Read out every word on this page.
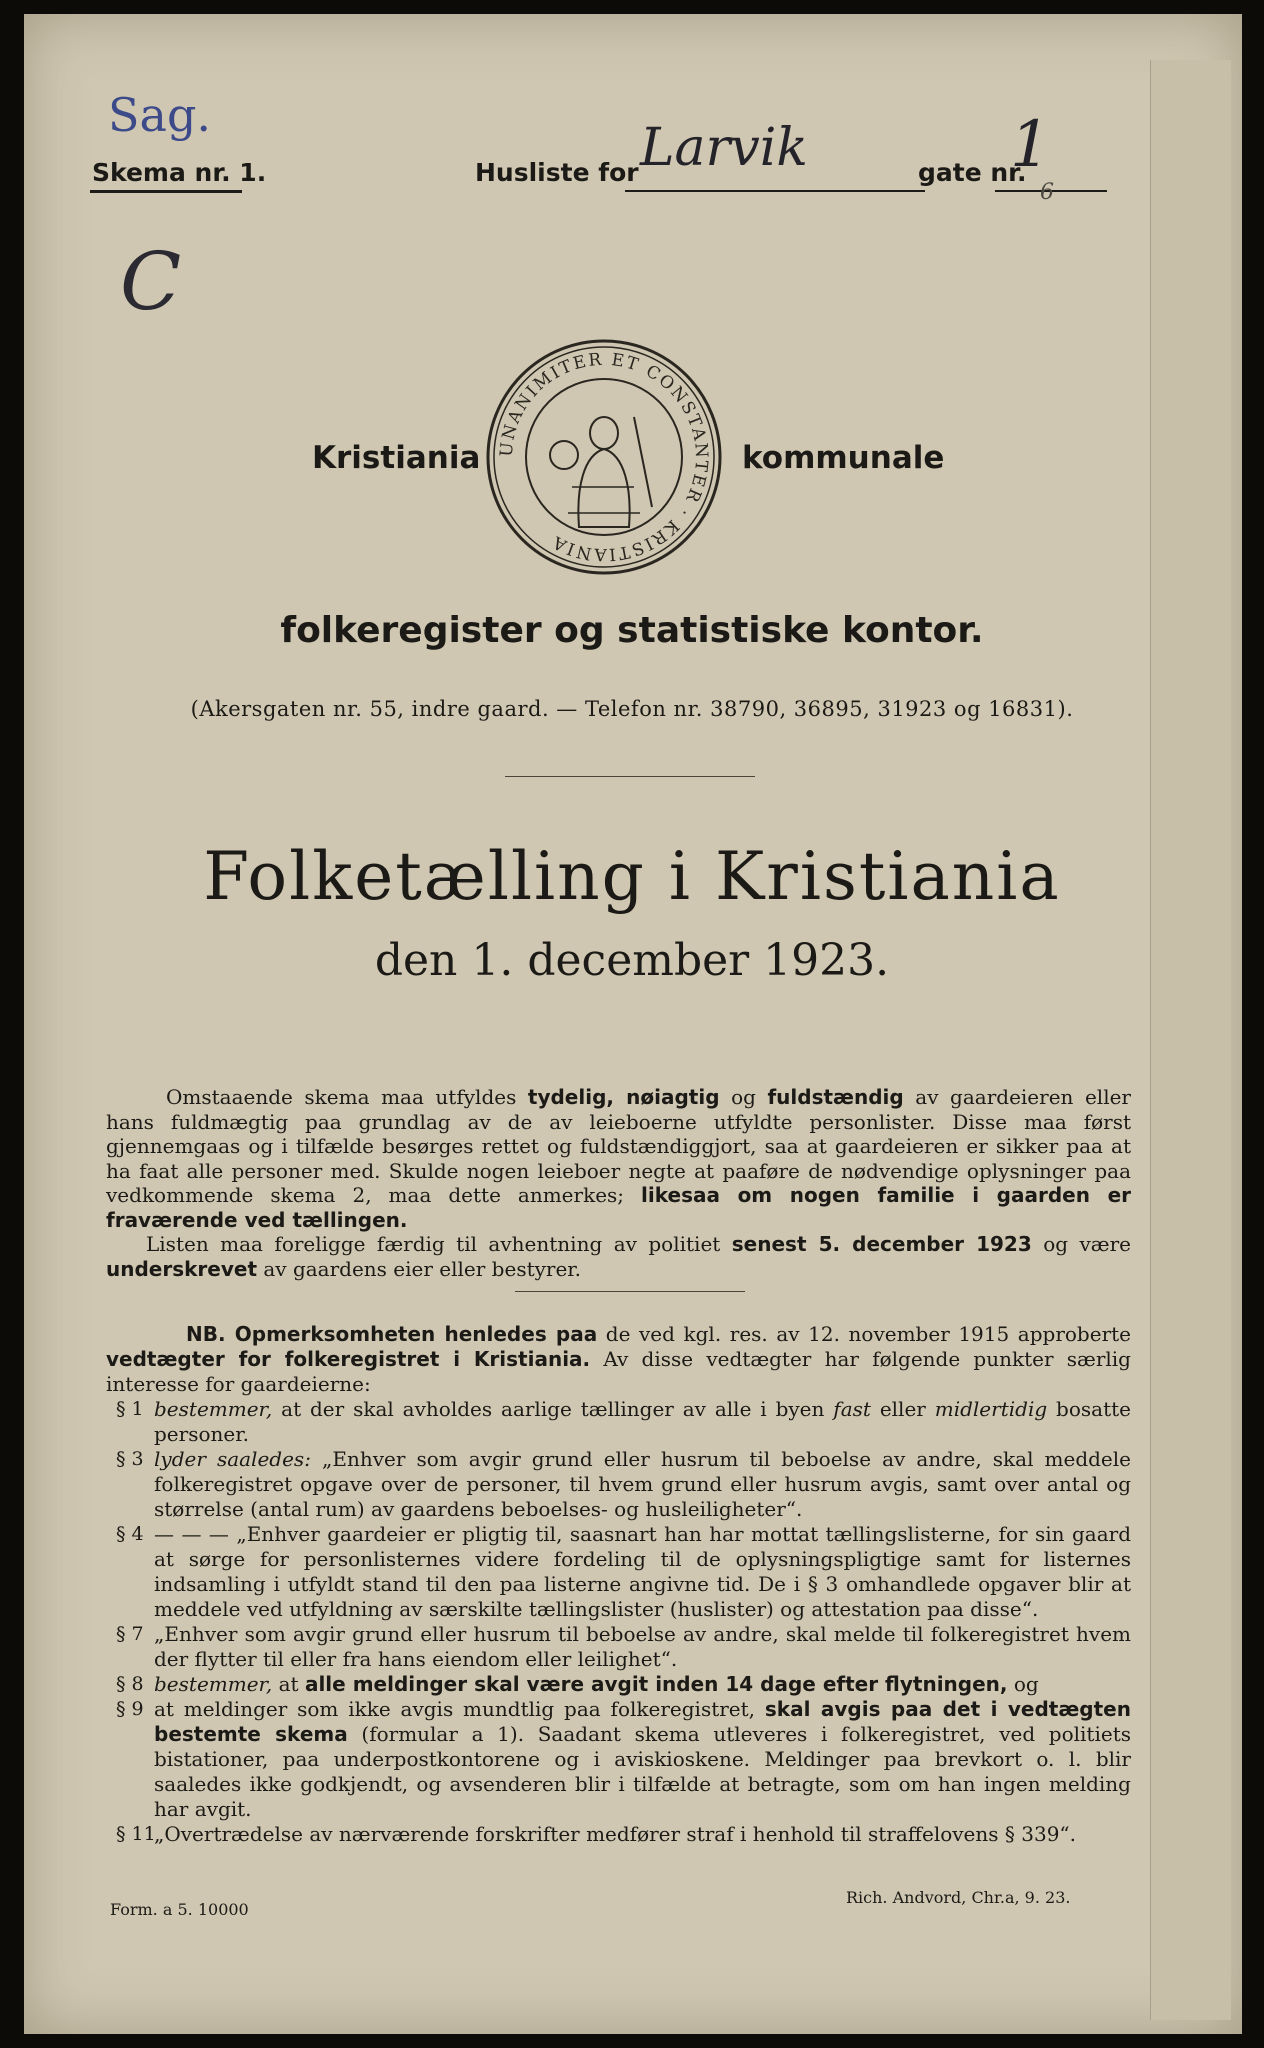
Sag.
Skema nr. 1.	Husliste for Larvik	gate nr.
1
6
C
Kristiania UNANIMITER ET CONSTANTER · KRISTIANIA
kommunale
folkeregister og statistiske kontor.
(Akersgaten nr. 55, indre gaard. — Telefon nr. 38790, 36895, 31923 og 16831).
Folketælling i Kristiania
den 1. december 1923.

Omstaaende skema maa utfyldes tydelig, nøiagtig og fuldstændig av gaardeieren eller hans fuldmægtig paa grundlag av de av leieboerne utfyldte personlister. Disse maa først gjennemgaas og i tilfælde besørges rettet og fuldstændiggjort, saa at gaardeieren er sikker paa at ha faat alle personer med. Skulde nogen leieboer negte at paaføre de nødvendige oplysninger paa vedkommende skema 2, maa dette anmerkes; likesaa om nogen familie i gaarden er fraværende ved tællingen.

Listen maa foreligge færdig til avhentning av politiet senest 5. december 1923 og være underskrevet av gaardens eier eller bestyrer.

NB. Opmerksomheten henledes paa de ved kgl. res. av 12. november 1915 approberte vedtægter for folkeregistret i Kristiania. Av disse vedtægter har følgende punkter særlig interesse for gaardeierne:

§ 1 bestemmer, at der skal avholdes aarlige tællinger av alle i byen fast eller midlertidig bosatte personer.

§ 3 lyder saaledes: „Enhver som avgir grund eller husrum til beboelse av andre, skal meddele folkeregistret opgave over de personer, til hvem grund eller husrum avgis, samt over antal og størrelse (antal rum) av gaardens beboelses- og husleiligheter“.

§ 4 — — — „Enhver gaardeier er pligtig til, saasnart han har mottat tællingslisterne, for sin gaard at sørge for personlisternes videre fordeling til de oplysningspligtige samt for listernes indsamling i utfyldt stand til den paa listerne angivne tid. De i § 3 omhandlede opgaver blir at meddele ved utfyldning av særskilte tællingslister (huslister) og attestation paa disse“.

§ 7 „Enhver som avgir grund eller husrum til beboelse av andre, skal melde til folkeregistret hvem der flytter til eller fra hans eiendom eller leilighet“.

§ 8 bestemmer, at alle meldinger skal være avgit inden 14 dage efter flytningen, og

§ 9 at meldinger som ikke avgis mundtlig paa folkeregistret, skal avgis paa det i vedtægten bestemte skema (formular a 1). Saadant skema utleveres i folkeregistret, ved politiets bistationer, paa underpostkontorene og i aviskioskene. Meldinger paa brevkort o. l. blir saaledes ikke godkjendt, og avsenderen blir i tilfælde at betragte, som om han ingen melding har avgit.

§ 11
„Overtrædelse av nærværende forskrifter medfører straf i henhold til straffelovens § 339“.

Form. a 5. 10000
Rich. Andvord, Chr.a, 9. 23.
